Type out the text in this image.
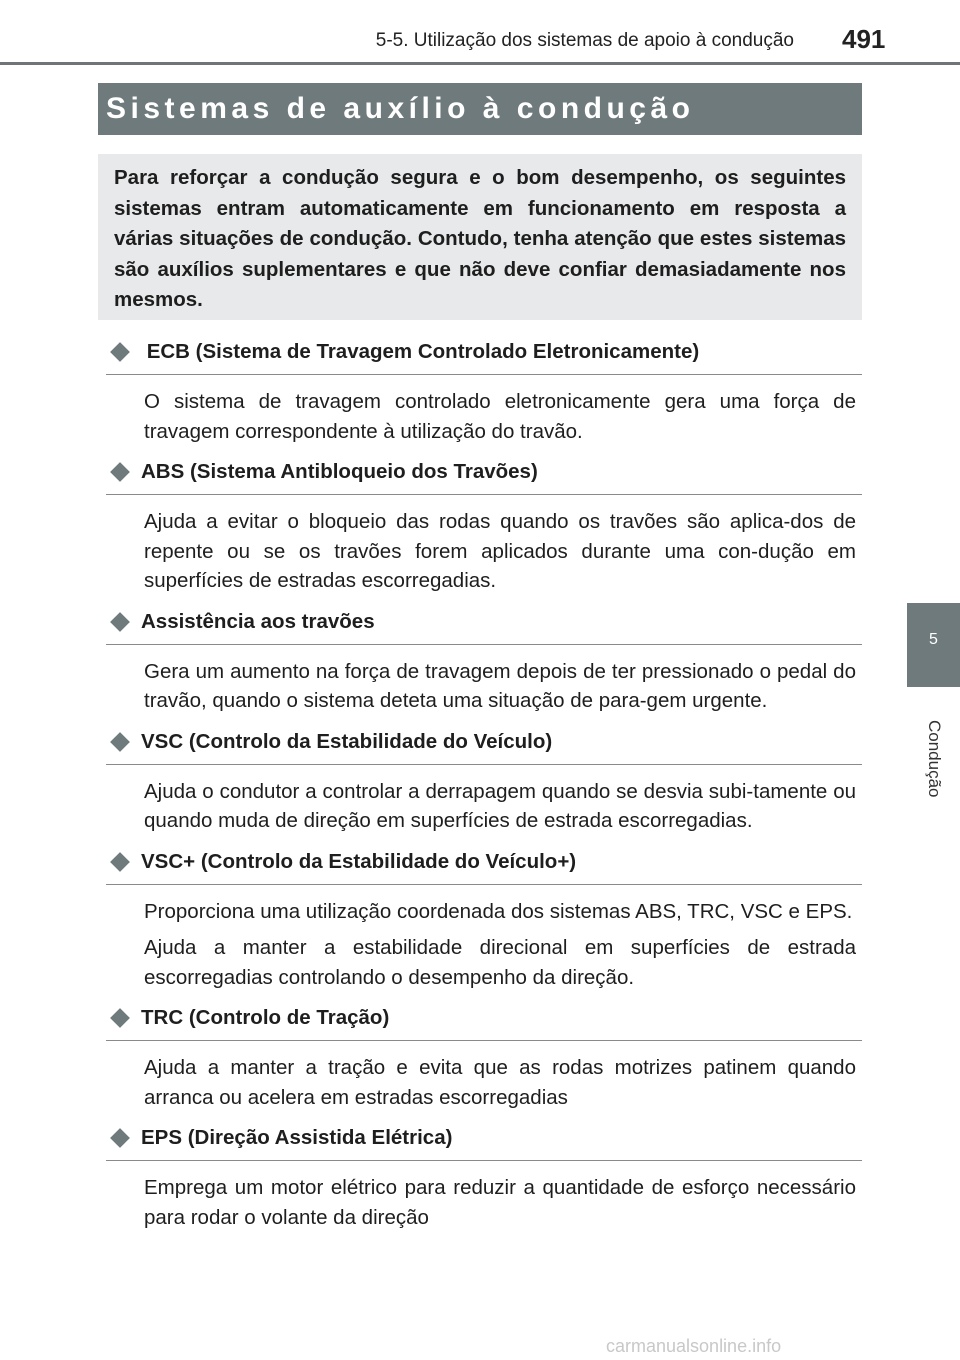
5-5. Utilização dos sistemas de apoio à condução 491
Sistemas de auxílio à condução
Para reforçar a condução segura e o bom desempenho, os seguintes sistemas entram automaticamente em funcionamento em resposta a várias situações de condução. Contudo, tenha atenção que estes sistemas são auxílios suplementares e que não deve confiar demasiadamente nos mesmos.
5
Condução
ECB (Sistema de Travagem Controlado Eletronicamente)
O sistema de travagem controlado eletronicamente gera uma força de travagem correspondente à utilização do travão.
ABS (Sistema Antibloqueio dos Travões)
Ajuda a evitar o bloqueio das rodas quando os travões são aplica-dos de repente ou se os travões forem aplicados durante uma con-dução em superfícies de estradas escorregadias.
Assistência aos travões
Gera um aumento na força de travagem depois de ter pressionado o pedal do travão, quando o sistema deteta uma situação de para-gem urgente.
VSC (Controlo da Estabilidade do Veículo)
Ajuda o condutor a controlar a derrapagem quando se desvia subi-tamente ou quando muda de direção em superfícies de estrada escorregadias.
VSC+ (Controlo da Estabilidade do Veículo+)
Proporciona uma utilização coordenada dos sistemas ABS, TRC, VSC e EPS.
Ajuda a manter a estabilidade direcional em superfícies de estrada escorregadias controlando o desempenho da direção.
TRC (Controlo de Tração)
Ajuda a manter a tração e evita que as rodas motrizes patinem quando arranca ou acelera em estradas escorregadias
EPS (Direção Assistida Elétrica)
Emprega um motor elétrico para reduzir a quantidade de esforço necessário para rodar o volante da direção
carmanualsonline.info
